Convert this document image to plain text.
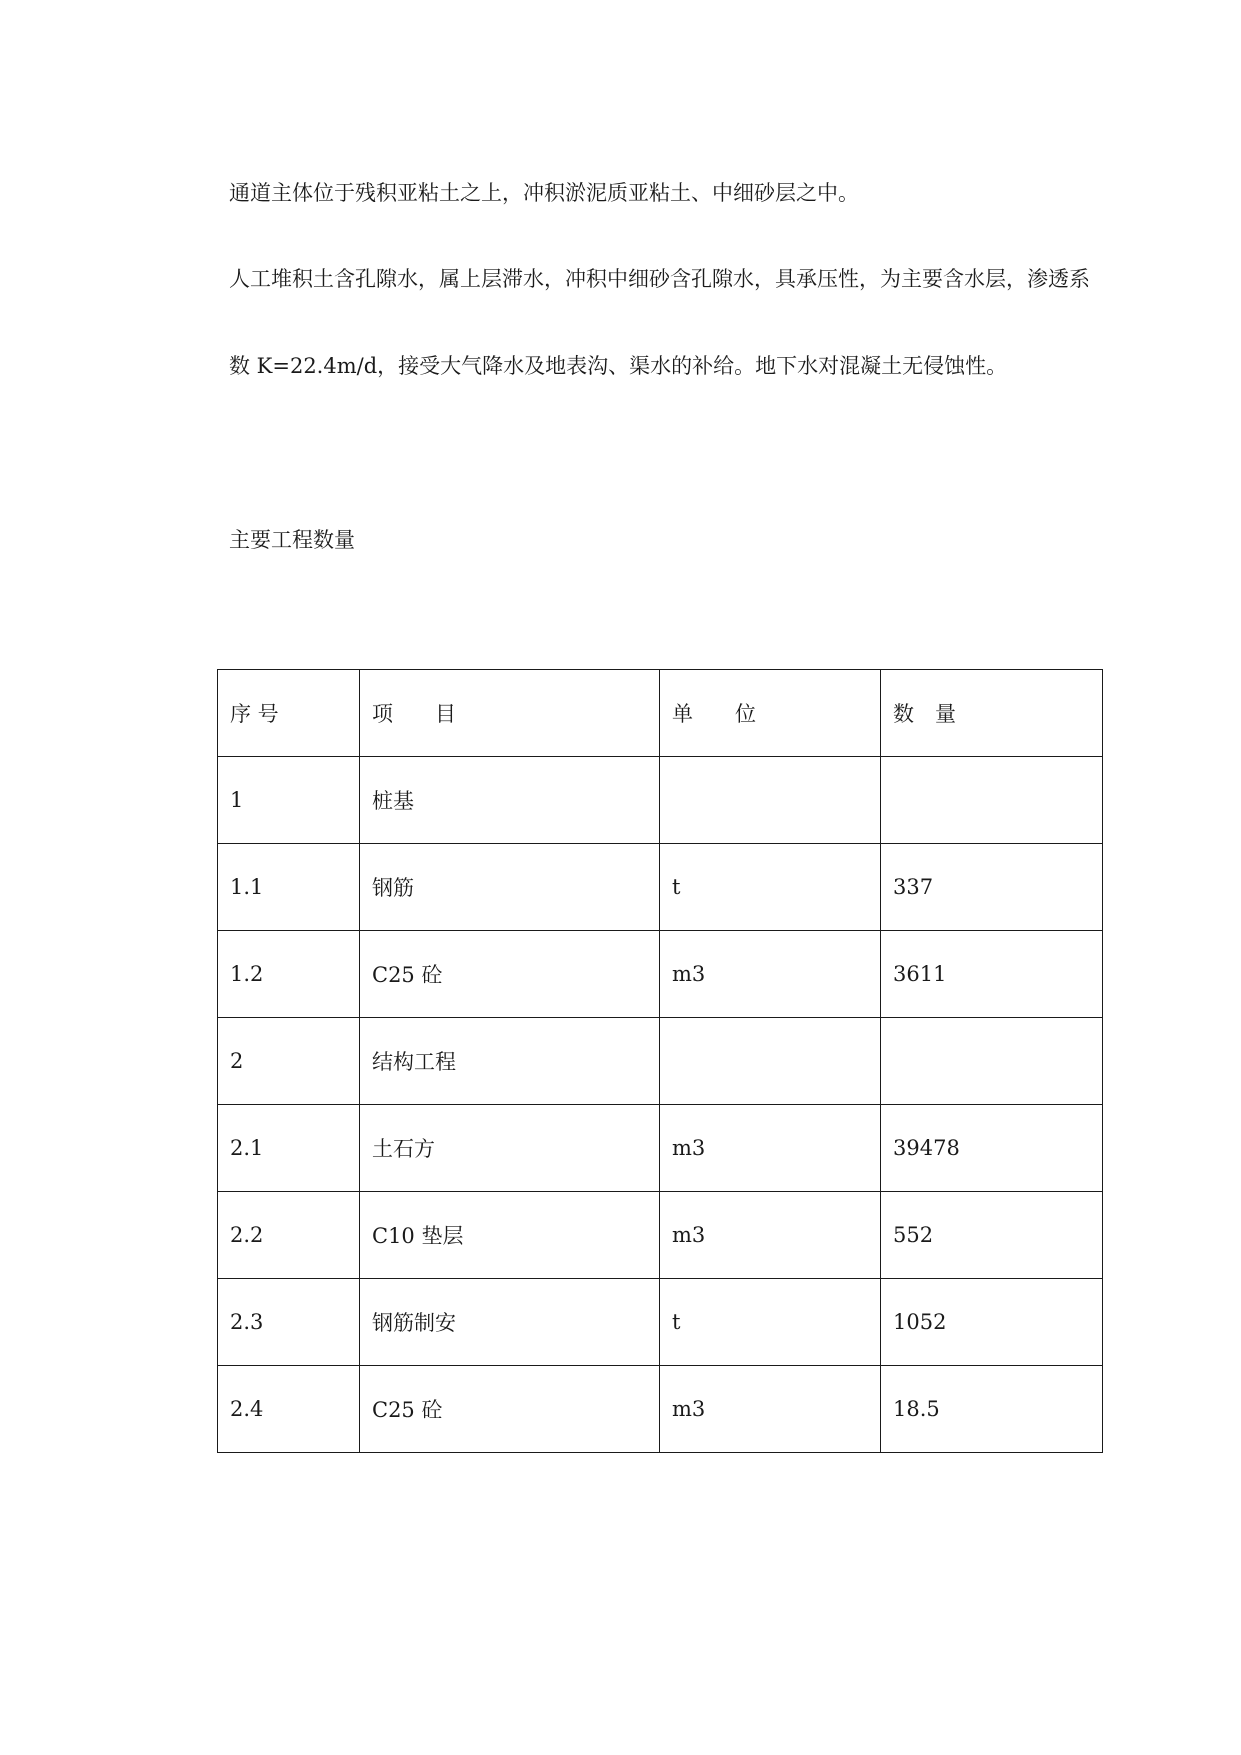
通道主体位于残积亚粘土之上，冲积淤泥质亚粘土、中细砂层之中。

人工堆积土含孔隙水，属上层滞水，冲积中细砂含孔隙水，具承压性，为主要含水层，渗透系

数 K=22.4m/d，接受大气降水及地表沟、渠水的补给。地下水对混凝土无侵蚀性。

主要工程数量

序 号	项　　目	单　　位	数　量
1	桩基		
1.1	钢筋	t	337
1.2	C25 砼	m3	3611
2	结构工程		
2.1	土石方	m3	39478
2.2	C10 垫层	m3	552
2.3	钢筋制安	t	1052
2.4	C25 砼	m3	18.5
